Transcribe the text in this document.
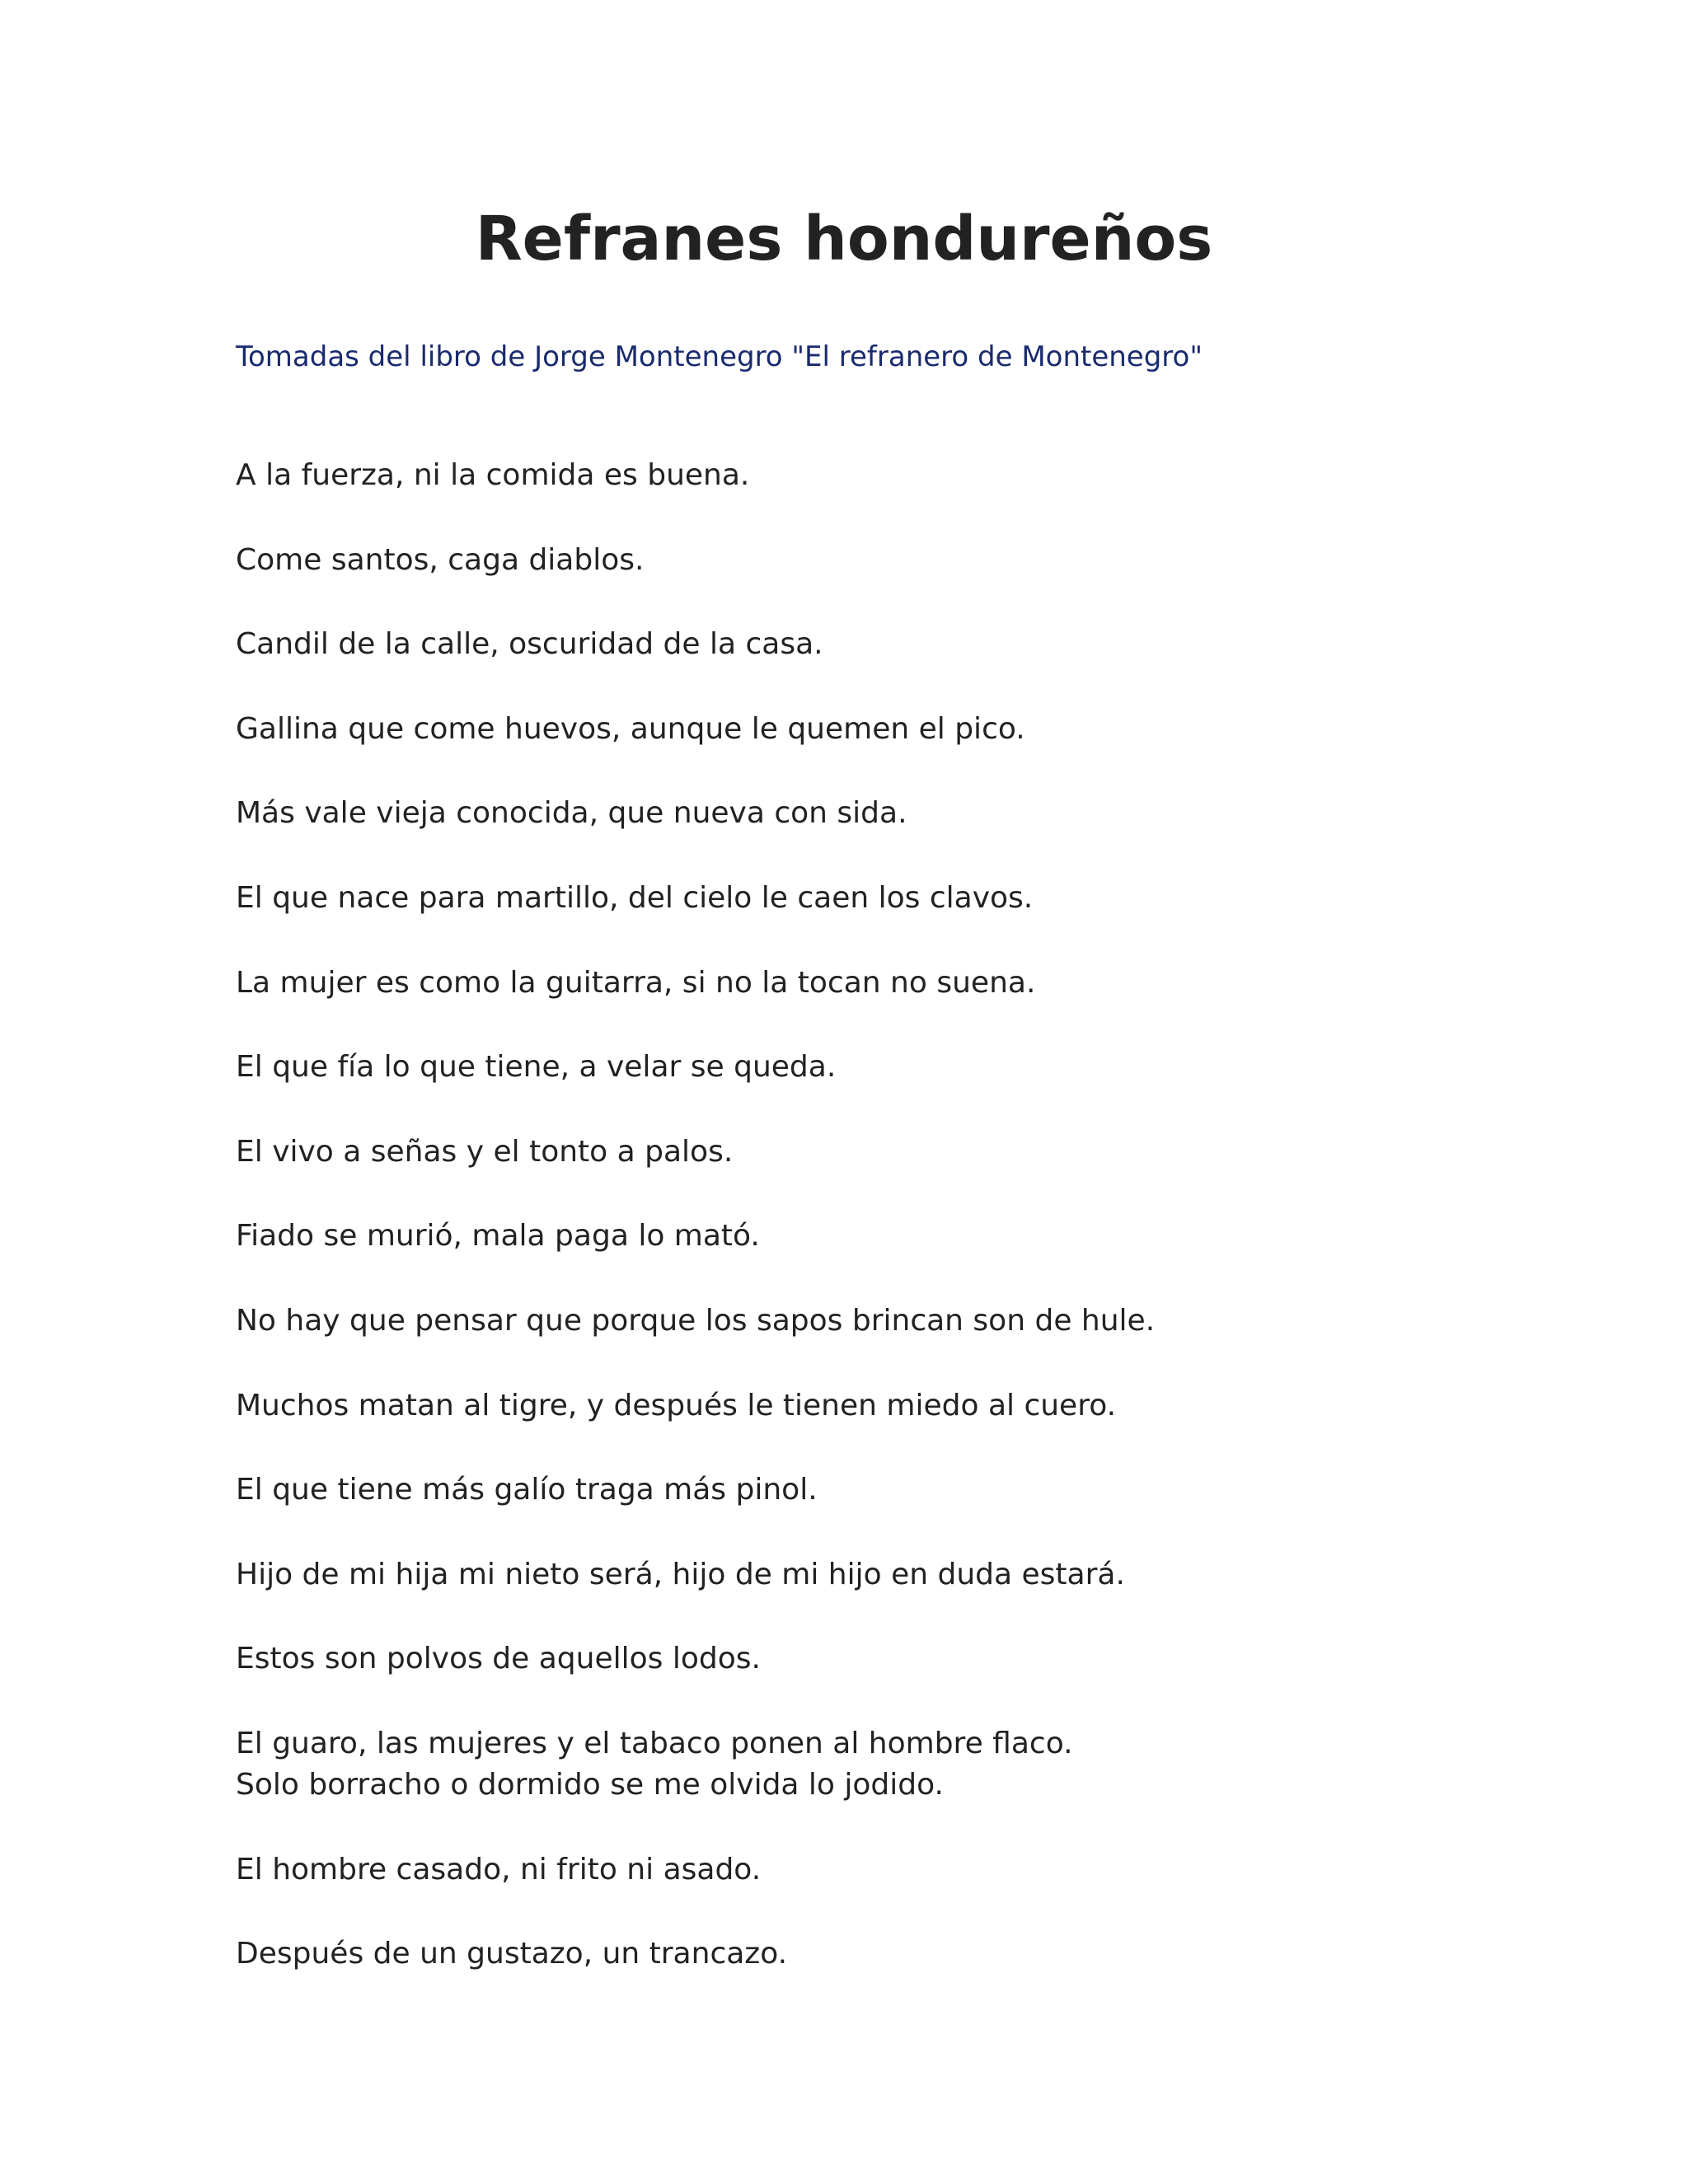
Refranes hondureños

Tomadas del libro de Jorge Montenegro "El refranero de Montenegro"

A la fuerza, ni la comida es buena.
Come santos, caga diablos.
Candil de la calle, oscuridad de la casa.
Gallina que come huevos, aunque le quemen el pico.
Más vale vieja conocida, que nueva con sida.
El que nace para martillo, del cielo le caen los clavos.
La mujer es como la guitarra, si no la tocan no suena.
El que fía lo que tiene, a velar se queda.
El vivo a señas y el tonto a palos.
Fiado se murió, mala paga lo mató.
No hay que pensar que porque los sapos brincan son de hule.
Muchos matan al tigre, y después le tienen miedo al cuero.
El que tiene más galío traga más pinol.
Hijo de mi hija mi nieto será, hijo de mi hijo en duda estará.
Estos son polvos de aquellos lodos.
El guaro, las mujeres y el tabaco ponen al hombre flaco.
Solo borracho o dormido se me olvida lo jodido.
El hombre casado, ni frito ni asado.
Después de un gustazo, un trancazo.
